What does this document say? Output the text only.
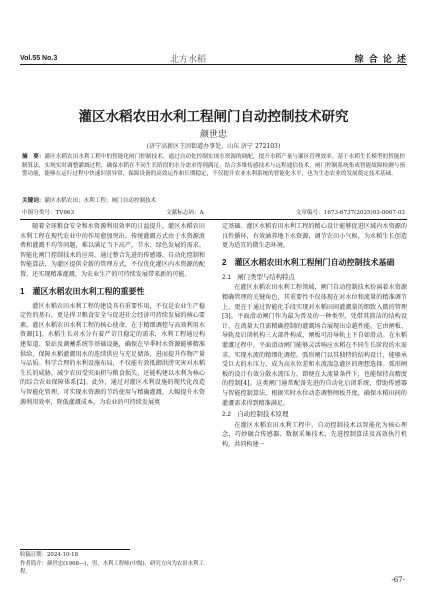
Vol.55 No.3	北方水稻	综 合 论 述
灌区水稻农田水利工程闸门自动控制技术研究
颜世忠
(济宁高新区王因街道办事处，山东 济宁 272103)
摘　要：灌区水稻农田水利工程中的智能化闸门控制技术，通过自动化控制实现水资源的调配，提升水稻产量与灌区管理效率。基于水稻生长模型的智能控制算法，实现实时调整灌溉过程，确保水稻在不同生长阶段的水分需求得到满足。结合多维传感技术与远程通信技术，闸门控制系统集成智能故障检测与预警功能，能够在运行过程中快速识别异常，保障设备的高效运作和长期稳定，不仅提升农业水利系统的智能化水平，也为生态农业的发展奠定技术基础。
关键词：灌区水稻农田；水利工程；闸门自动控制技术
中图分类号：TV663	文献标志码：A	文章编号：1673-6737(2025)03-0067-03

随着全球粮食安全和水资源利用效率的日益提升，灌区水稻农田水利工程在现代农业中的作用愈加突出。传统灌溉方式由于水资源浪费和灌溉不均等问题，难以满足当下高产、节水、绿色发展的需求。智能化闸门控制技术的应用，通过整合先进的传感器、自动化控制和智能算法，为灌区提供全新的管理方式，不仅优化灌区内水资源的配置，还实现精准灌溉，为农业生产的可持续发展带来新的可能。

1　灌区水稻农田水利工程的重要性

灌区水稻农田水利工程的建设具有重要作用，不仅是农业生产稳定性的基石，更是捍卫粮食安全与促进社会经济可持续发展的核心要素。灌区水稻农田水利工程的核心使命，在于精细调控与高效利用水资源[1]。水稻生长对水分有着严苛且稳定的需求，水利工程通过构建渠道、泵站及调蓄系统等基础设施，确保在旱季时水资源能够精准供给，保障水稻灌溉用水的连续供应与充足储备，进而提升作物产量与品质。科学合理的水利设施布局，不仅能有效抵御洪涝灾害对水稻生长的威胁，减少农田受灾面积与粮食损失，还能构建以水利为核心的综合农业保障体系[2]。此外，通过对灌区水利设施的现代化改造与智能化管理，可实现水资源的节约使用与精确灌溉，大幅提升水资源利用效率，降低灌溉成本，为农业的可持续发展奠

定基础。灌区水稻农田水利工程的精心设计能够促进区域内水资源的良性循环，有效涵养地下水资源，调节农田小气候，为水稻生长创造更为适宜的微生态环境。

2　灌区水稻农田水利工程闸门自动控制技术基础
2.1　闸门类型与结构特点

在灌区水稻农田水利工程领域，闸门自动控制技术扮演着水资源精确管理的关键角色，其重要性不仅体现在对水位和流量的精准调节上，更在于通过智能化手段实现对水稻田间灌溉量的细致入微的管理[3]。平面滑动闸门作为最为普及的一种类型，凭借其简洁的结构设计，在流量大且需精确控制的灌溉场合展现出卓越性能。它由闸板、导轨及启闭机构三大部件构成，闸板可沿导轨上下自如滑动。在水稻灌溉过程中，平面滑动闸门能够灵活响应水稻在不同生长阶段的水需求，实现水流的精细化调控。弧形闸门以其独特的结构设计，能够承受巨大的水压力，成为高水位差和水流湍急灌区的理想选择。弧形闸板的设计有效分散水流压力，即便在大流量条件下，也能保持高精度的控制[4]。这类闸门通常配备先进的自动化启闭系统，借助传感器与智能控制算法，根据实时水位动态调整闸板开度，确保水稻田间的灌溉需求得到精准满足。

2.2　自动控制技术原理

在灌区水稻农田水利工程中，自动控制技术以智能化为核心理念，巧妙融合传感器、数据采集技术、先进控制算法及高效执行机构，共同构建一

收稿日期：2024-10-18
作者简介：颜世忠(1968—)，男，水利工程师(中级)，研究方向为农田水利工程。
-67-
